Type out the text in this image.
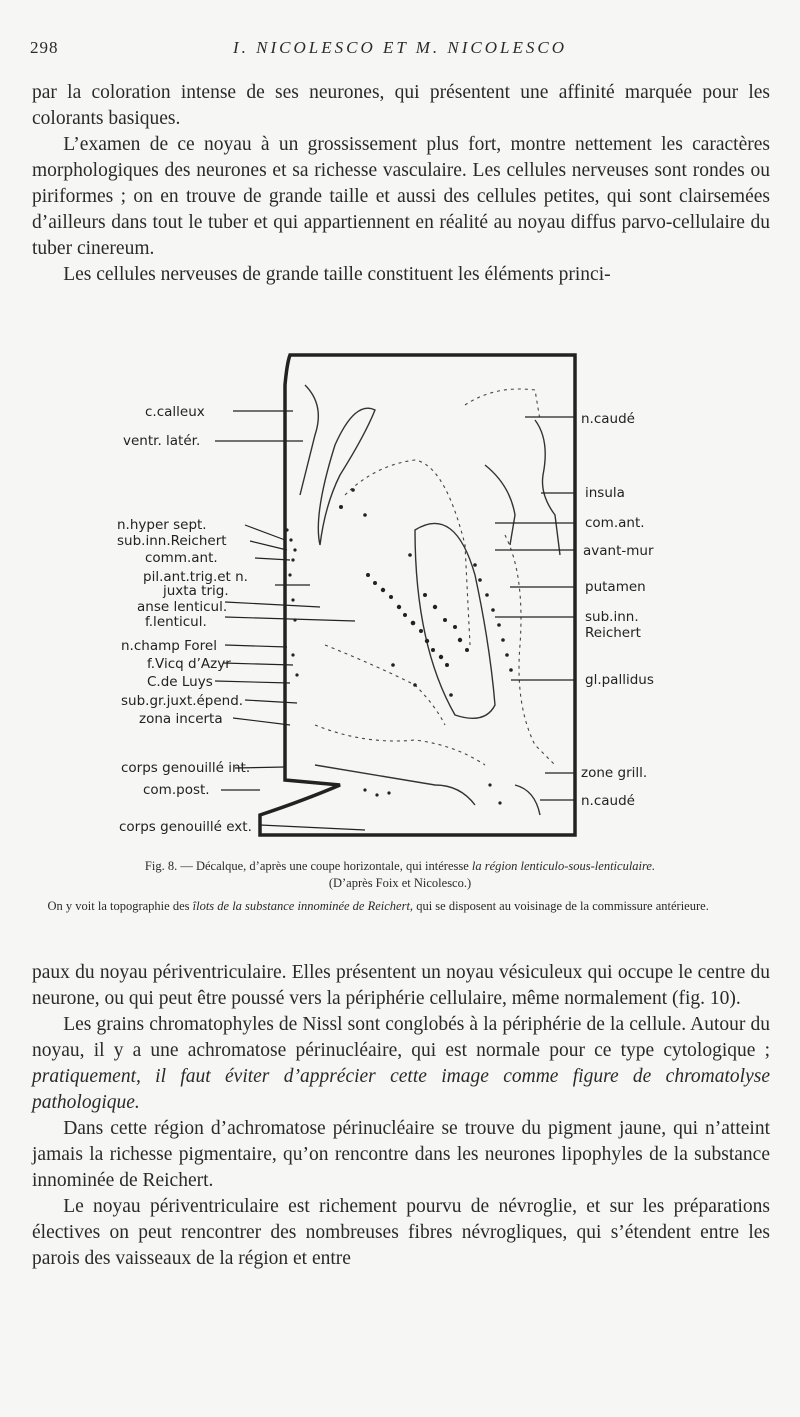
298	I. NICOLESCO ET M. NICOLESCO

par la coloration intense de ses neurones, qui présentent une affinité marquée pour les colorants basiques.

L’examen de ce noyau à un grossissement plus fort, montre nettement les caractères morphologiques des neurones et sa richesse vasculaire. Les cellules nerveuses sont rondes ou piriformes ; on en trouve de grande taille et aussi des cellules petites, qui sont clairsemées d’ailleurs dans tout le tuber et qui appartiennent en réalité au noyau diffus parvo-cellulaire du tuber cinereum.

Les cellules nerveuses de grande taille constituent les éléments princi-

c.calleux
ventr. latér.
n.hyper sept.
sub.inn.Reichert
comm.ant.
pil.ant.trig.et n.
juxta trig.
anse lenticul.
f.lenticul.
n.champ Forel
f.Vicq d’Azyr
C.de Luys
sub.gr.juxt.épend.
zona incerta
corps genouillé int.
com.post.
corps genouillé ext.
n.caudé
insula
com.ant.
avant-mur
putamen
sub.inn.
Reichert
gl.pallidus
zone grill.
n.caudé

Fig. 8. — Décalque, d’après une coupe horizontale, qui intéresse la région lenticulo-sous-lenticulaire.

(D’après Foix et Nicolesco.)

On y voit la topographie des îlots de la substance innominée de Reichert, qui se disposent au voisinage de la commissure antérieure.

paux du noyau périventriculaire. Elles présentent un noyau vésiculeux qui occupe le centre du neurone, ou qui peut être poussé vers la périphérie cellulaire, même normalement (fig. 10).

Les grains chromatophyles de Nissl sont conglobés à la périphérie de la cellule. Autour du noyau, il y a une achromatose périnucléaire, qui est normale pour ce type cytologique ; pratiquement, il faut éviter d’apprécier cette image comme figure de chromatolyse pathologique.

Dans cette région d’achromatose périnucléaire se trouve du pigment jaune, qui n’atteint jamais la richesse pigmentaire, qu’on rencontre dans les neurones lipophyles de la substance innominée de Reichert.

Le noyau périventriculaire est richement pourvu de névroglie, et sur les préparations électives on peut rencontrer des nombreuses fibres névrogliques, qui s’étendent entre les parois des vaisseaux de la région et entre
